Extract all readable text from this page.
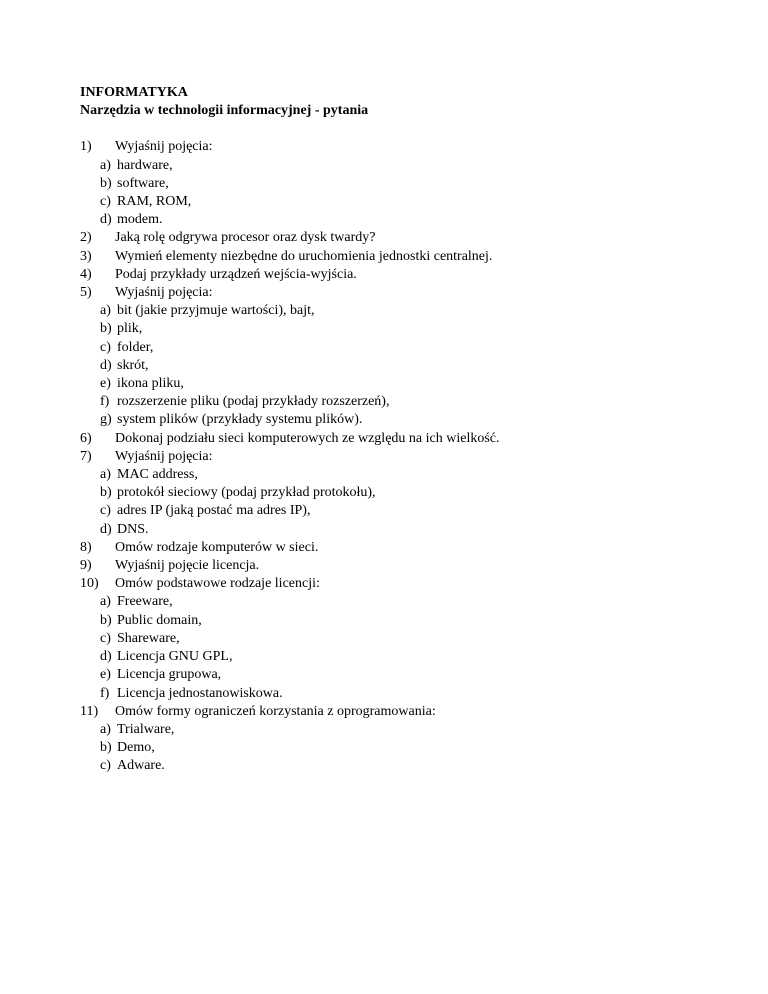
INFORMATYKA
Narzędzia w technologii informacyjnej - pytania
1) Wyjaśnij pojęcia:
a) hardware,
b) software,
c) RAM, ROM,
d) modem.
2) Jaką rolę odgrywa procesor oraz dysk twardy?
3) Wymień elementy niezbędne do uruchomienia jednostki centralnej.
4) Podaj przykłady urządzeń wejścia-wyjścia.
5) Wyjaśnij pojęcia:
a) bit (jakie przyjmuje wartości), bajt,
b) plik,
c) folder,
d) skrót,
e) ikona pliku,
f) rozszerzenie pliku (podaj przykłady rozszerzeń),
g) system plików (przykłady systemu plików).
6) Dokonaj podziału sieci komputerowych ze względu na ich wielkość.
7) Wyjaśnij pojęcia:
a) MAC address,
b) protokół sieciowy (podaj przykład protokołu),
c) adres IP (jaką postać ma adres IP),
d) DNS.
8) Omów rodzaje komputerów w sieci.
9) Wyjaśnij pojęcie licencja.
10) Omów podstawowe rodzaje licencji:
a) Freeware,
b) Public domain,
c) Shareware,
d) Licencja GNU GPL,
e) Licencja grupowa,
f) Licencja jednostanowiskowa.
11) Omów formy ograniczeń korzystania z oprogramowania:
a) Trialware,
b) Demo,
c) Adware.
